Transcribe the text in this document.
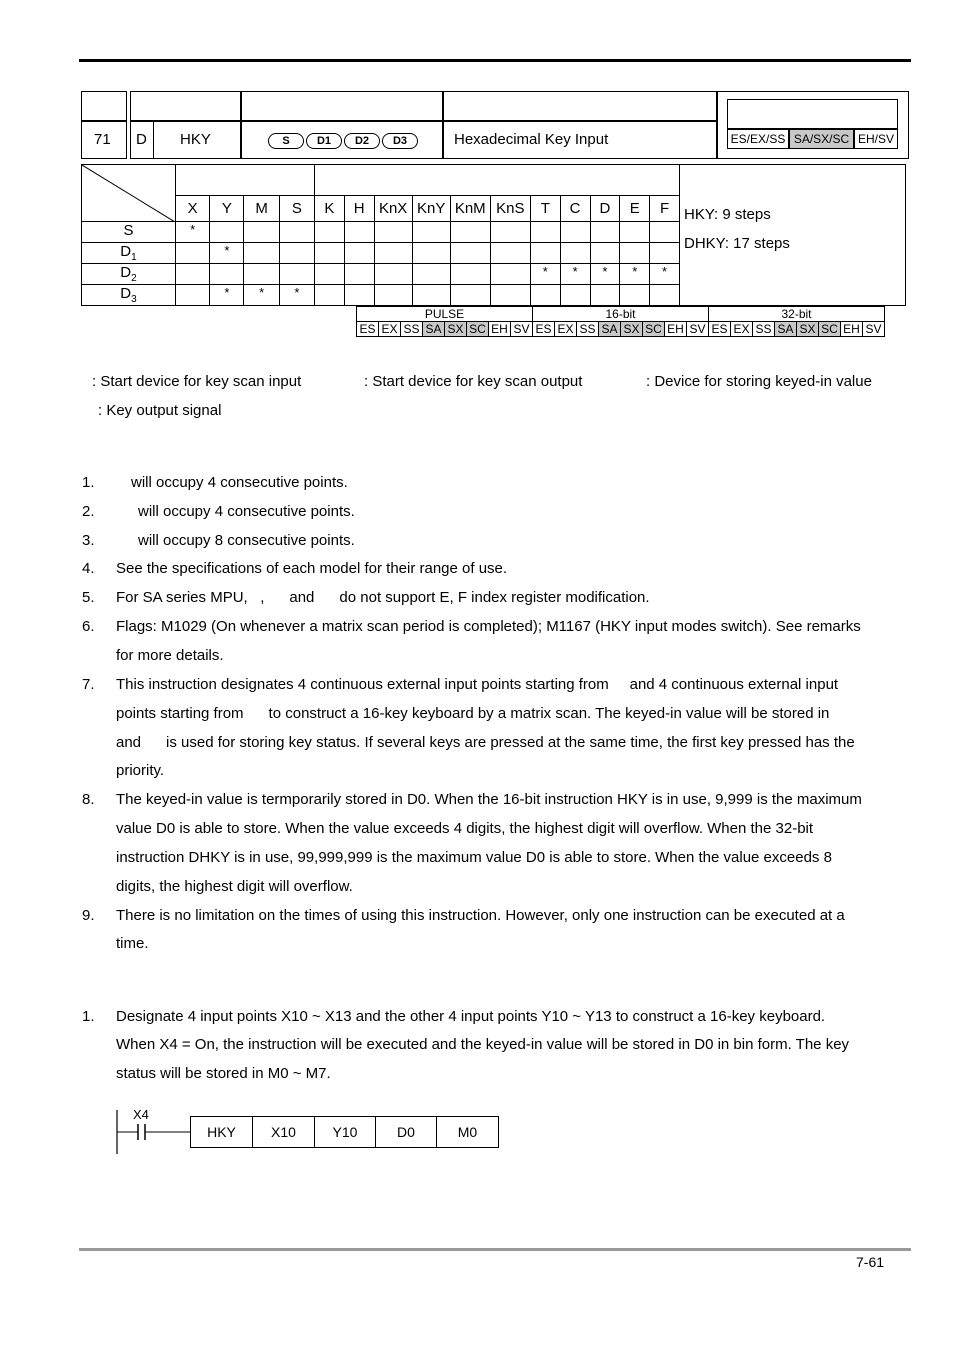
71 D HKY	S D1 D2 D3	Hexadecimal Key Input	ES/EX/SS SA/SX/SC EH/SV

	X	Y	M	S	K	H	KnX	KnY	KnM	KnS	T	C	D	E	F	HKY: 9 steps
DHKY: 17 steps

S	*															
$D_1$		*														
$D_2$											*	*	*	*	*	
$D_3$		*	*	*												
PULSE								16-bit								32-bit							
ES	EX	SS	SA	SX	SC	EH	SV	ES	EX	SS	SA	SX	SC	EH	SV	ES	EX	SS	SA	SX	SC	EH	SV
: Start device for key scan input	: Start device for key scan output	: Device for storing keyed-in value
: Key output signal
1. will occupy 4 consecutive points.
2.	will occupy 4 consecutive points.
3.	will occupy 8 consecutive points.
4. See the specifications of each model for their range of use.
5. For SA series MPU,   ,      and      do not support E, F index register modification.
6. Flags: M1029 (On whenever a matrix scan period is completed); M1167 (HKY input modes switch). See remarks
for more details.
7. This instruction designates 4 continuous external input points starting from     and 4 continuous external input
points starting from      to construct a 16-key keyboard by a matrix scan. The keyed-in value will be stored in
and      is used for storing key status. If several keys are pressed at the same time, the first key pressed has the
priority.
8. The keyed-in value is termporarily stored in D0. When the 16-bit instruction HKY is in use, 9,999 is the maximum
value D0 is able to store. When the value exceeds 4 digits, the highest digit will overflow. When the 32-bit
instruction DHKY is in use, 99,999,999 is the maximum value D0 is able to store. When the value exceeds 8
digits, the highest digit will overflow.
9. There is no limitation on the times of using this instruction. However, only one instruction can be executed at a
time.
1. Designate 4 input points X10 ~ X13 and the other 4 input points Y10 ~ Y13 to construct a 16-key keyboard.
When X4 = On, the instruction will be executed and the keyed-in value will be stored in D0 in bin form. The key
status will be stored in M0 ~ M7.
X4
HKY	X10	Y10	D0	M0
7-61
